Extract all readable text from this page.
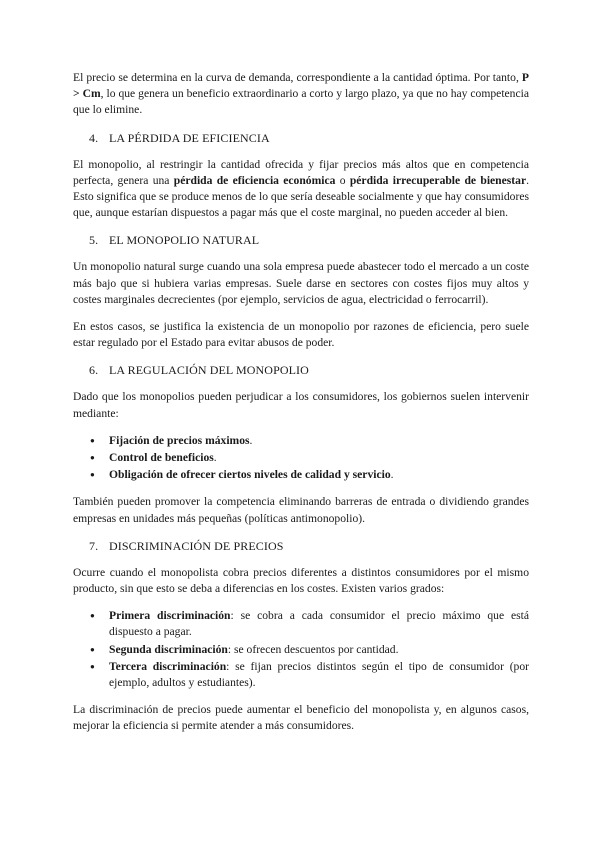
El precio se determina en la curva de demanda, correspondiente a la cantidad óptima. Por tanto, P > Cm, lo que genera un beneficio extraordinario a corto y largo plazo, ya que no hay competencia que lo elimine.

4. LA PÉRDIDA DE EFICIENCIA

El monopolio, al restringir la cantidad ofrecida y fijar precios más altos que en competencia perfecta, genera una pérdida de eficiencia económica o pérdida irrecuperable de bienestar. Esto significa que se produce menos de lo que sería deseable socialmente y que hay consumidores que, aunque estarían dispuestos a pagar más que el coste marginal, no pueden acceder al bien.

5. EL MONOPOLIO NATURAL

Un monopolio natural surge cuando una sola empresa puede abastecer todo el mercado a un coste más bajo que si hubiera varias empresas. Suele darse en sectores con costes fijos muy altos y costes marginales decrecientes (por ejemplo, servicios de agua, electricidad o ferrocarril).

En estos casos, se justifica la existencia de un monopolio por razones de eficiencia, pero suele estar regulado por el Estado para evitar abusos de poder.

6. LA REGULACIÓN DEL MONOPOLIO

Dado que los monopolios pueden perjudicar a los consumidores, los gobiernos suelen intervenir mediante:

● Fijación de precios máximos.
● Control de beneficios.
● Obligación de ofrecer ciertos niveles de calidad y servicio.

También pueden promover la competencia eliminando barreras de entrada o dividiendo grandes empresas en unidades más pequeñas (políticas antimonopolio).

7. DISCRIMINACIÓN DE PRECIOS

Ocurre cuando el monopolista cobra precios diferentes a distintos consumidores por el mismo producto, sin que esto se deba a diferencias en los costes. Existen varios grados:

● Primera discriminación: se cobra a cada consumidor el precio máximo que está dispuesto a pagar.
● Segunda discriminación: se ofrecen descuentos por cantidad.
● Tercera discriminación: se fijan precios distintos según el tipo de consumidor (por ejemplo, adultos y estudiantes).

La discriminación de precios puede aumentar el beneficio del monopolista y, en algunos casos, mejorar la eficiencia si permite atender a más consumidores.
